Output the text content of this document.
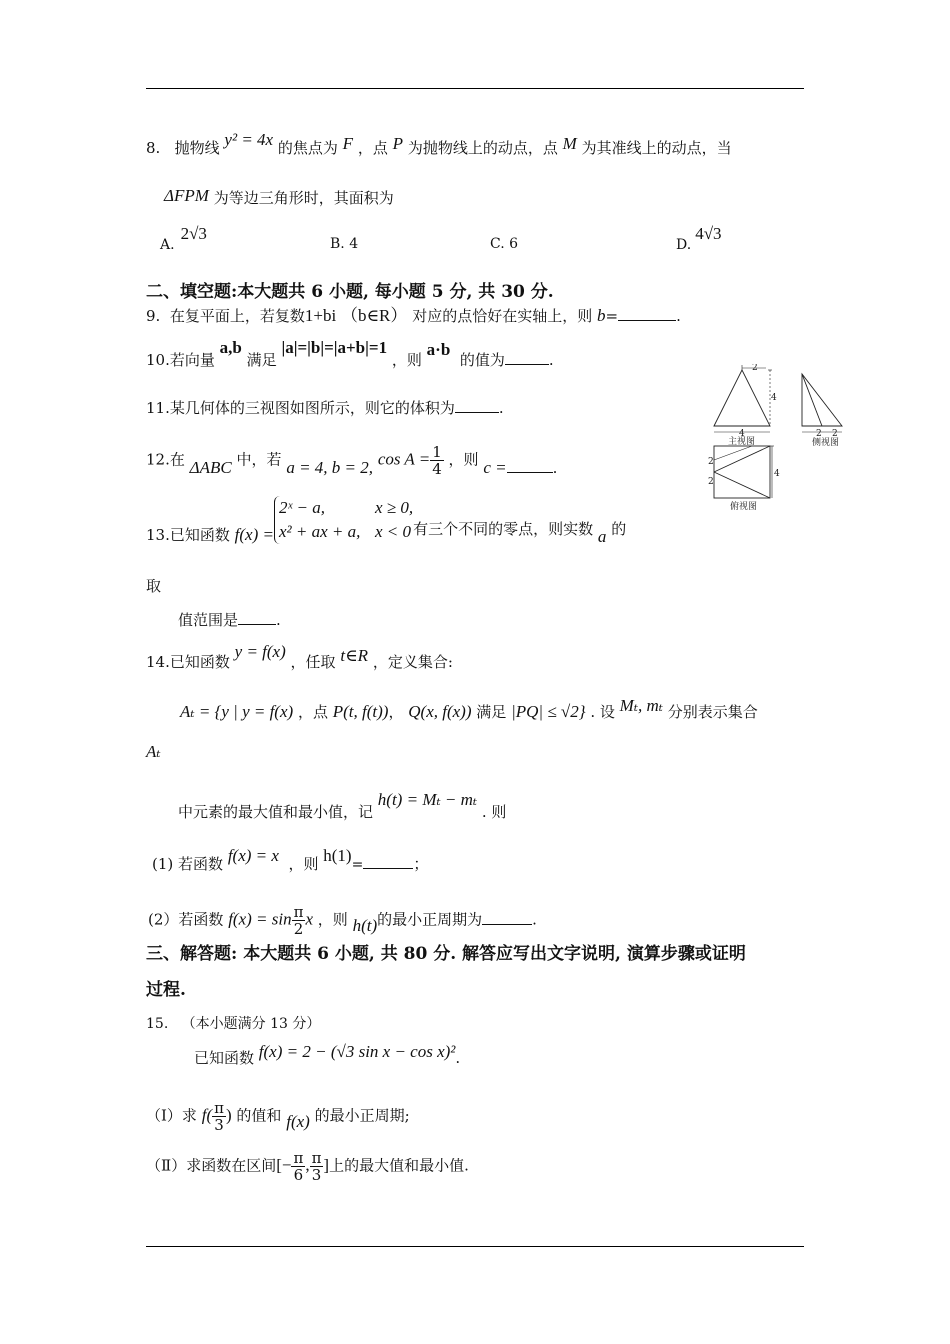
8. 抛物线 y² = 4x 的焦点为 F ，点 P 为抛物线上的动点，点 M 为其准线上的动点，当
ΔFPM 为等边三角形时，其面积为
A.2√3
B. 4	C. 6	D.4√3
二、填空题:本大题共 6 小题, 每小题 5 分, 共 30 分.
9. 在复平面上，若复数1+bi （b∈R） 对应的点恰好在实轴上，则 b=	.
10.若向量 a,b 满足 |a|=|b|=|a+b|=1 ，则 a·b  的值为	.
11.某几何体的三视图如图所示，则它的体积为	.
2
4
4
主视图
2 2
侧视图
4
2
2
俯视图
12.在 ΔABC 中，若 a = 4, b = 2, $\cos A = \frac{1}{4}$ ，则 c =	.
13.已知函数 f(x) =
2ˣ − a,	x ≥ 0,
x² + ax + a, x < 0 有三个不同的零点，则实数 a 的
取
值范围是	.
14.已知函数 y = f(x) ，任取 t∈R ，定义集合:
Aₜ = {y | y = f(x) ，点 P(t, f(t))， Q(x, f(x)) 满足 |PQ| ≤ √2} . 设 Mₜ, mₜ 分别表示集合
Aₜ
中元素的最大值和最小值，记 h(t) = Mₜ − mₜ . 则
(1) 若函数 f(x) = x ，则 h(1)=	；
(2）若函数 $f(x) = \sin \frac{\pi}{2}$ x ，则 h(t)的最小正周期为	.
三、解答题: 本大题共 6 小题, 共 80 分. 解答应写出文字说明, 演算步骤或证明
过程.
15. （本小题满分 13 分）
已知函数 f(x) = 2 − (√3 sin x − cos x)².
（Ⅰ）求 $f( \frac{\pi}{3}$ ) 的值和 f(x) 的最小正周期;
（Ⅱ）求函数在区间[− $\frac{\pi}{6}$ , $\frac{\pi}{3}$ ]上的最大值和最小值.
